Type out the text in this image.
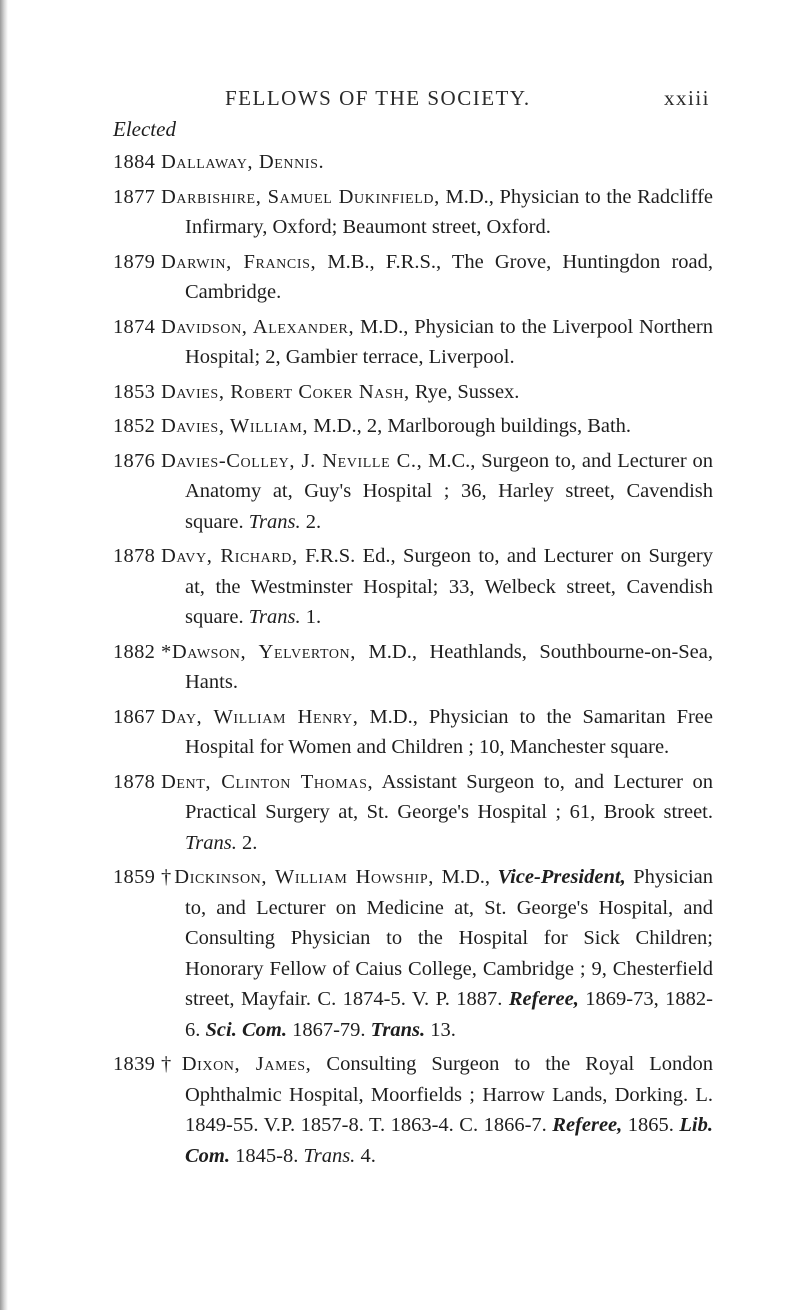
FELLOWS OF THE SOCIETY.	xxiii
Elected
1884 Dallaway, Dennis.
1877 Darbishire, Samuel Dukinfield, M.D., Physician to the Radcliffe Infirmary, Oxford; Beaumont street, Oxford.
1879 Darwin, Francis, M.B., F.R.S., The Grove, Huntingdon road, Cambridge.
1874 Davidson, Alexander, M.D., Physician to the Liverpool Northern Hospital; 2, Gambier terrace, Liverpool.
1853 Davies, Robert Coker Nash, Rye, Sussex.
1852 Davies, William, M.D., 2, Marlborough buildings, Bath.
1876 Davies-Colley, J. Neville C., M.C., Surgeon to, and Lecturer on Anatomy at, Guy's Hospital ; 36, Harley street, Cavendish square. Trans. 2.
1878 Davy, Richard, F.R.S. Ed., Surgeon to, and Lecturer on Surgery at, the Westminster Hospital; 33, Welbeck street, Cavendish square. Trans. 1.
1882 *Dawson, Yelverton, M.D., Heathlands, Southbourne-on-Sea, Hants.
1867 Day, William Henry, M.D., Physician to the Samaritan Free Hospital for Women and Children ; 10, Manchester square.
1878 Dent, Clinton Thomas, Assistant Surgeon to, and Lecturer on Practical Surgery at, St. George's Hospital ; 61, Brook street. Trans. 2.
1859 †Dickinson, William Howship, M.D., Vice-President, Physician to, and Lecturer on Medicine at, St. George's Hospital, and Consulting Physician to the Hospital for Sick Children; Honorary Fellow of Caius College, Cambridge ; 9, Chesterfield street, Mayfair. C. 1874-5. V. P. 1887. Referee, 1869-73, 1882-6. Sci. Com. 1867-79. Trans. 13.
1839 †Dixon, James, Consulting Surgeon to the Royal London Ophthalmic Hospital, Moorfields ; Harrow Lands, Dorking. L. 1849-55. V.P. 1857-8. T. 1863-4. C. 1866-7. Referee, 1865. Lib. Com. 1845-8. Trans. 4.
